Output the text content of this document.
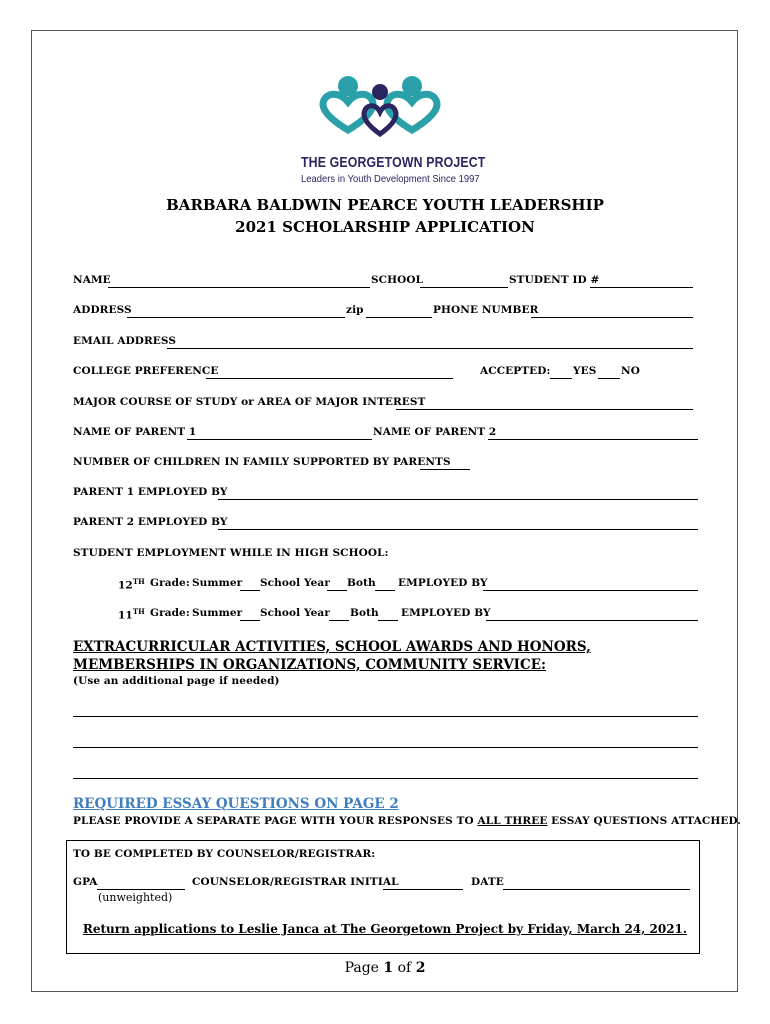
THE GEORGETOWN PROJECT
Leaders in Youth Development Since 1997
BARBARA BALDWIN PEARCE YOUTH LEADERSHIP
2021 SCHOLARSHIP APPLICATION
NAME	SCHOOL	STUDENT ID #
ADDRESS	zip	PHONE NUMBER
EMAIL ADDRESS
COLLEGE PREFERENCE	ACCEPTED: YES NO
MAJOR COURSE OF STUDY or AREA OF MAJOR INTEREST
NAME OF PARENT 1	NAME OF PARENT 2
NUMBER OF CHILDREN IN FAMILY SUPPORTED BY PARENTS
PARENT 1 EMPLOYED BY
PARENT 2 EMPLOYED BY
STUDENT EMPLOYMENT WHILE IN HIGH SCHOOL:
12TH Grade: Summer School Year Both EMPLOYED BY
11TH Grade: Summer School Year Both EMPLOYED BY
EXTRACURRICULAR ACTIVITIES, SCHOOL AWARDS AND HONORS, MEMBERSHIPS IN ORGANIZATIONS, COMMUNITY SERVICE:
(Use an additional page if needed)
REQUIRED ESSAY QUESTIONS ON PAGE 2
PLEASE PROVIDE A SEPARATE PAGE WITH YOUR RESPONSES TO ALL THREE ESSAY QUESTIONS ATTACHED.
TO BE COMPLETED BY COUNSELOR/REGISTRAR:
GPA
(unweighted)
COUNSELOR/REGISTRAR INITIAL	DATE
Return applications to Leslie Janca at The Georgetown Project by Friday, March 24, 2021.
Page 1 of 2
